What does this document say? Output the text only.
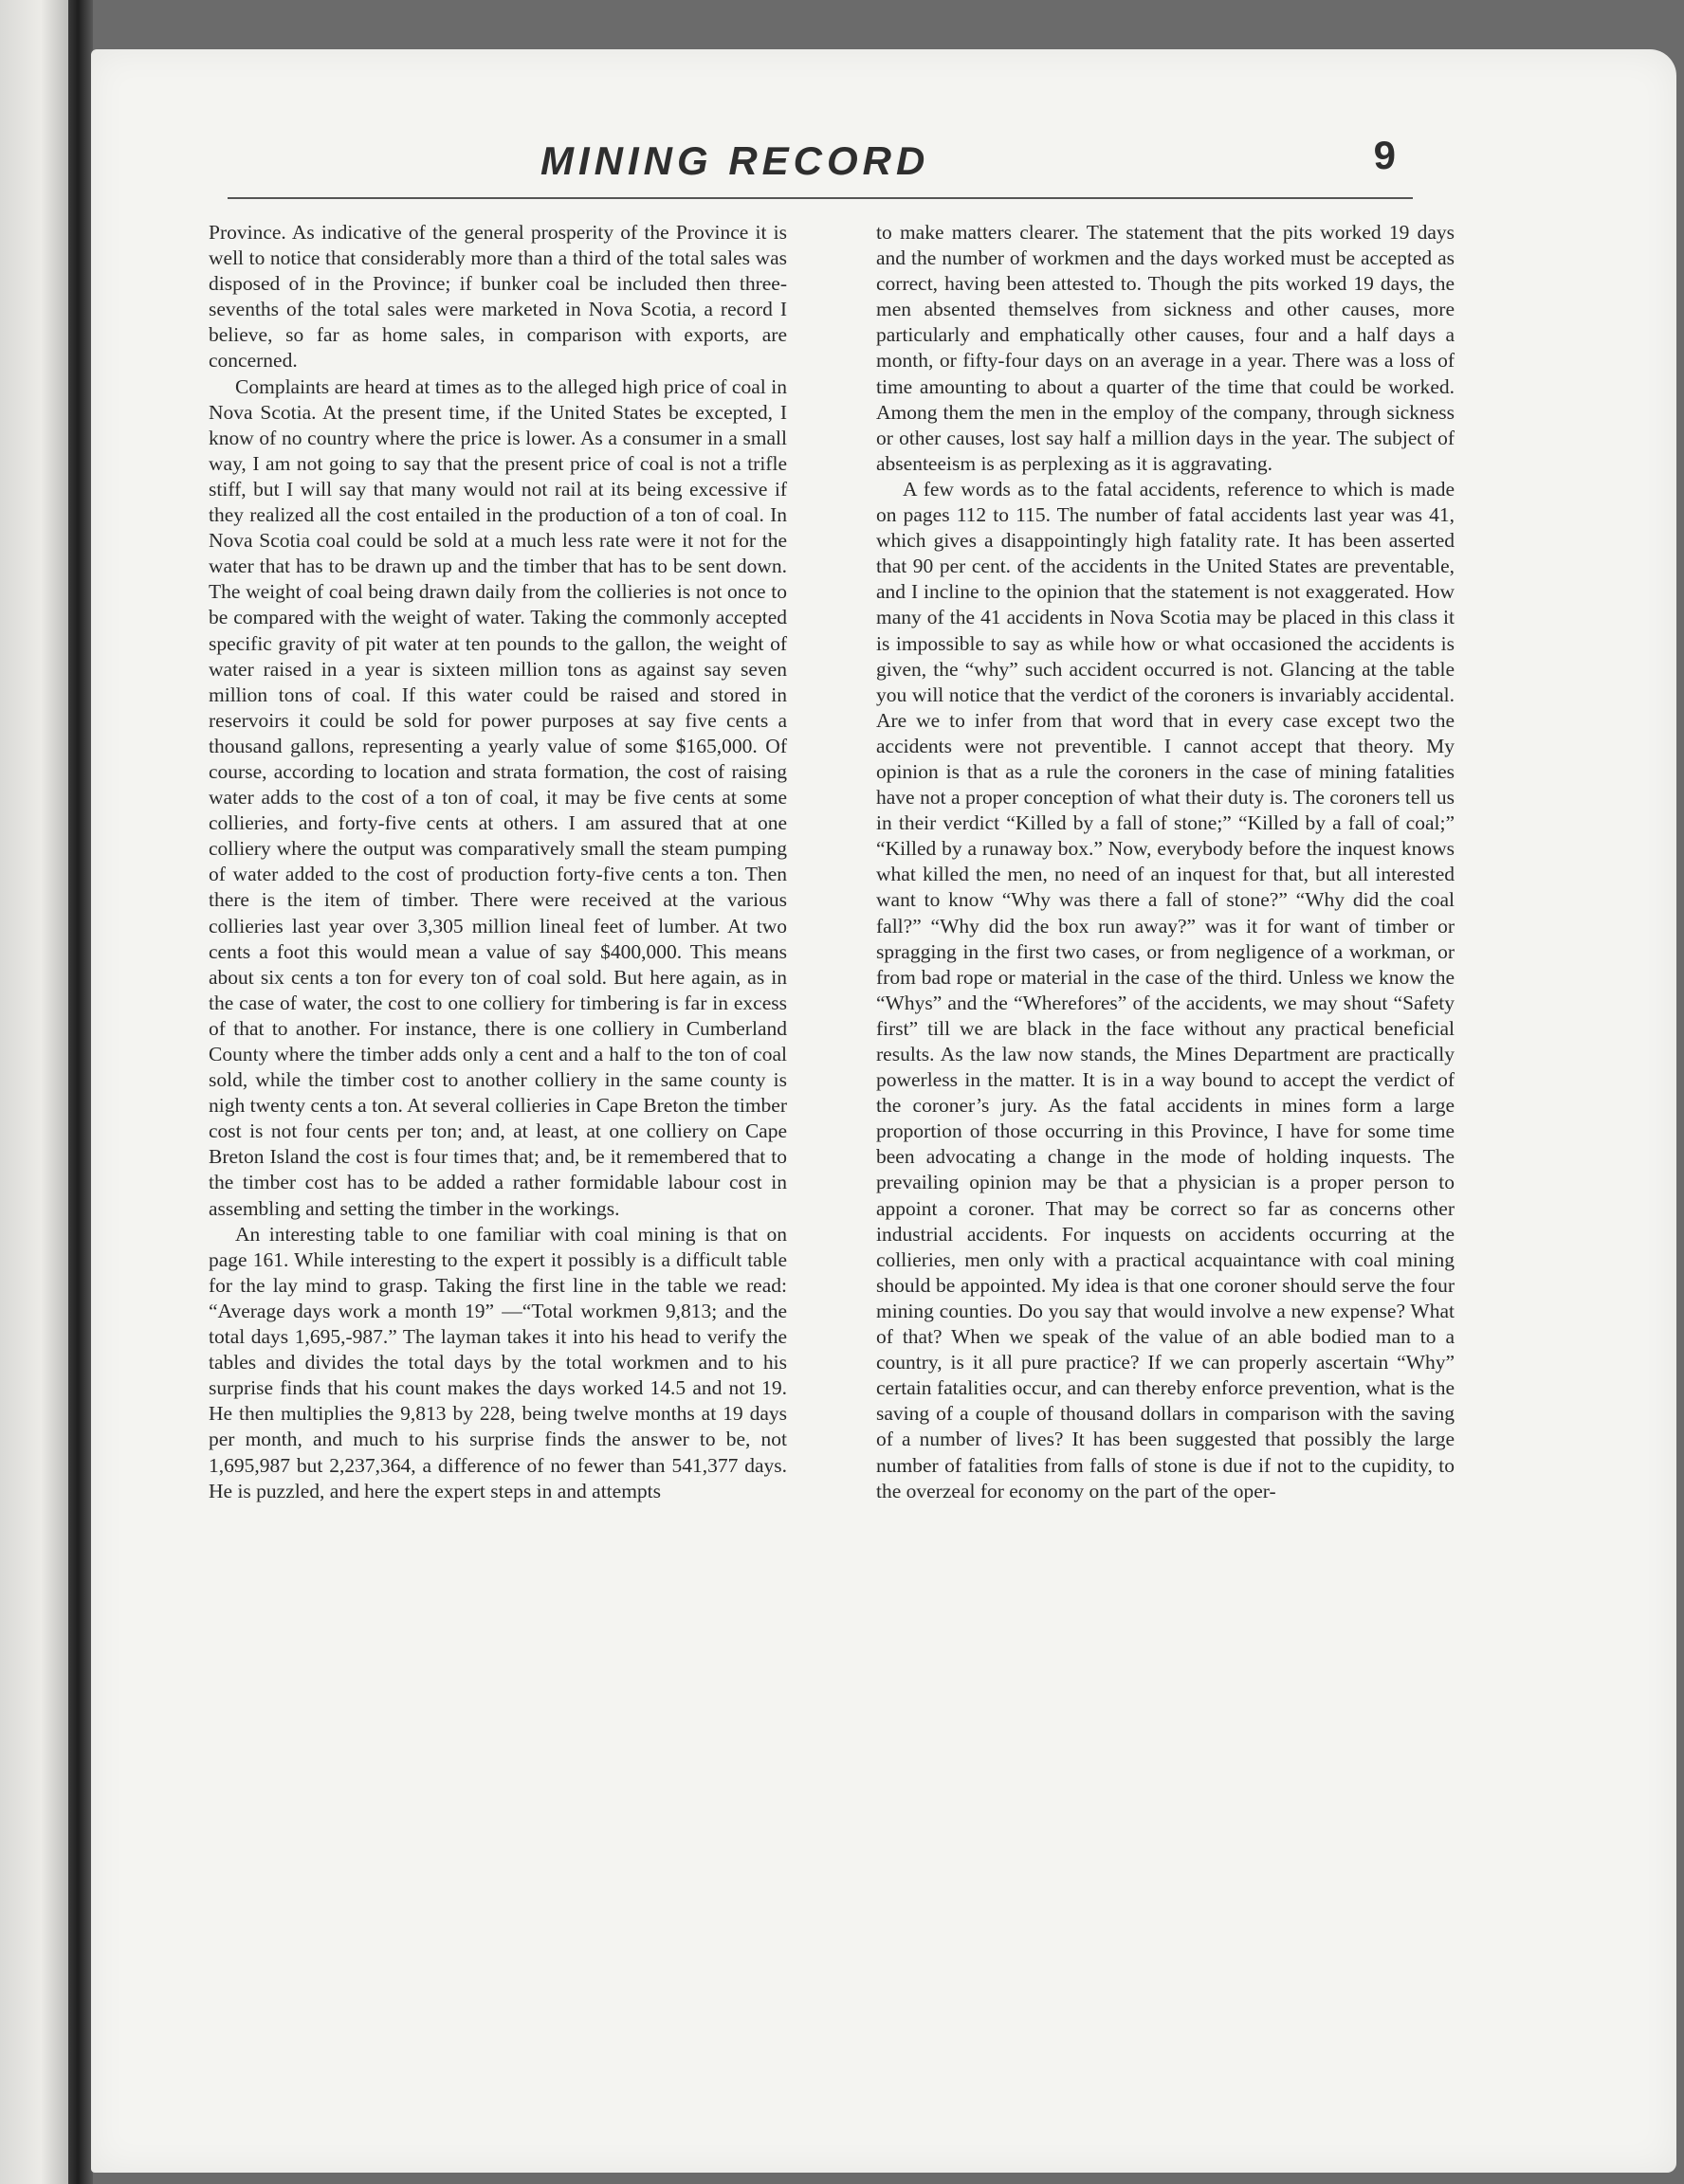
MINING RECORD	9

Province. As indicative of the general prosperity of the Province it is well to notice that considerably more than a third of the total sales was disposed of in the Province; if bunker coal be included then three-sevenths of the total sales were marketed in Nova Scotia, a record I believe, so far as home sales, in comparison with exports, are concerned.

Complaints are heard at times as to the alleged high price of coal in Nova Scotia. At the present time, if the United States be excepted, I know of no country where the price is lower. As a consumer in a small way, I am not going to say that the present price of coal is not a trifle stiff, but I will say that many would not rail at its being excessive if they realized all the cost entailed in the production of a ton of coal. In Nova Scotia coal could be sold at a much less rate were it not for the water that has to be drawn up and the timber that has to be sent down. The weight of coal being drawn daily from the collieries is not once to be compared with the weight of water. Taking the commonly accepted specific gravity of pit water at ten pounds to the gallon, the weight of water raised in a year is sixteen million tons as against say seven million tons of coal. If this water could be raised and stored in reservoirs it could be sold for power purposes at say five cents a thousand gallons, representing a yearly value of some $165,000. Of course, according to location and strata formation, the cost of raising water adds to the cost of a ton of coal, it may be five cents at some collieries, and forty-five cents at others. I am assured that at one colliery where the output was comparatively small the steam pumping of water added to the cost of production forty-five cents a ton. Then there is the item of timber. There were received at the various collieries last year over 3,305 million lineal feet of lumber. At two cents a foot this would mean a value of say $400,000. This means about six cents a ton for every ton of coal sold. But here again, as in the case of water, the cost to one colliery for timbering is far in excess of that to another. For instance, there is one colliery in Cumberland County where the timber adds only a cent and a half to the ton of coal sold, while the timber cost to another colliery in the same county is nigh twenty cents a ton. At several collieries in Cape Breton the timber cost is not four cents per ton; and, at least, at one colliery on Cape Breton Island the cost is four times that; and, be it remembered that to the timber cost has to be added a rather formidable labour cost in assembling and setting the timber in the workings.

An interesting table to one familiar with coal mining is that on page 161. While interesting to the expert it possibly is a difficult table for the lay mind to grasp. Taking the first line in the table we read: “Average days work a month 19” —“Total workmen 9,813; and the total days 1,695,-987.” The layman takes it into his head to verify the tables and divides the total days by the total workmen and to his surprise finds that his count makes the days worked 14.5 and not 19. He then multiplies the 9,813 by 228, being twelve months at 19 days per month, and much to his surprise finds the answer to be, not 1,695,987 but 2,237,364, a difference of no fewer than 541,377 days. He is puzzled, and here the expert steps in and attempts

to make matters clearer. The statement that the pits worked 19 days and the number of workmen and the days worked must be accepted as correct, having been attested to. Though the pits worked 19 days, the men absented themselves from sickness and other causes, more particularly and emphatically other causes, four and a half days a month, or fifty-four days on an average in a year. There was a loss of time amounting to about a quarter of the time that could be worked. Among them the men in the employ of the company, through sickness or other causes, lost say half a million days in the year. The subject of absenteeism is as perplexing as it is aggravating.

A few words as to the fatal accidents, reference to which is made on pages 112 to 115. The number of fatal accidents last year was 41, which gives a disappointingly high fatality rate. It has been asserted that 90 per cent. of the accidents in the United States are preventable, and I incline to the opinion that the statement is not exaggerated. How many of the 41 accidents in Nova Scotia may be placed in this class it is impossible to say as while how or what occasioned the accidents is given, the “why” such accident occurred is not. Glancing at the table you will notice that the verdict of the coroners is invariably accidental. Are we to infer from that word that in every case except two the accidents were not preventible. I cannot accept that theory. My opinion is that as a rule the coroners in the case of mining fatalities have not a proper conception of what their duty is. The coroners tell us in their verdict “Killed by a fall of stone;” “Killed by a fall of coal;” “Killed by a runaway box.” Now, everybody before the inquest knows what killed the men, no need of an inquest for that, but all interested want to know “Why was there a fall of stone?” “Why did the coal fall?” “Why did the box run away?” was it for want of timber or spragging in the first two cases, or from negligence of a workman, or from bad rope or material in the case of the third. Unless we know the “Whys” and the “Wherefores” of the accidents, we may shout “Safety first” till we are black in the face without any practical beneficial results. As the law now stands, the Mines Department are practically powerless in the matter. It is in a way bound to accept the verdict of the coroner’s jury. As the fatal accidents in mines form a large proportion of those occurring in this Province, I have for some time been advocating a change in the mode of holding inquests. The prevailing opinion may be that a physician is a proper person to appoint a coroner. That may be correct so far as concerns other industrial accidents. For inquests on accidents occurring at the collieries, men only with a practical acquaintance with coal mining should be appointed. My idea is that one coroner should serve the four mining counties. Do you say that would involve a new expense? What of that? When we speak of the value of an able bodied man to a country, is it all pure practice? If we can properly ascertain “Why” certain fatalities occur, and can thereby enforce prevention, what is the saving of a couple of thousand dollars in comparison with the saving of a number of lives? It has been suggested that possibly the large number of fatalities from falls of stone is due if not to the cupidity, to the overzeal for economy on the part of the oper-
